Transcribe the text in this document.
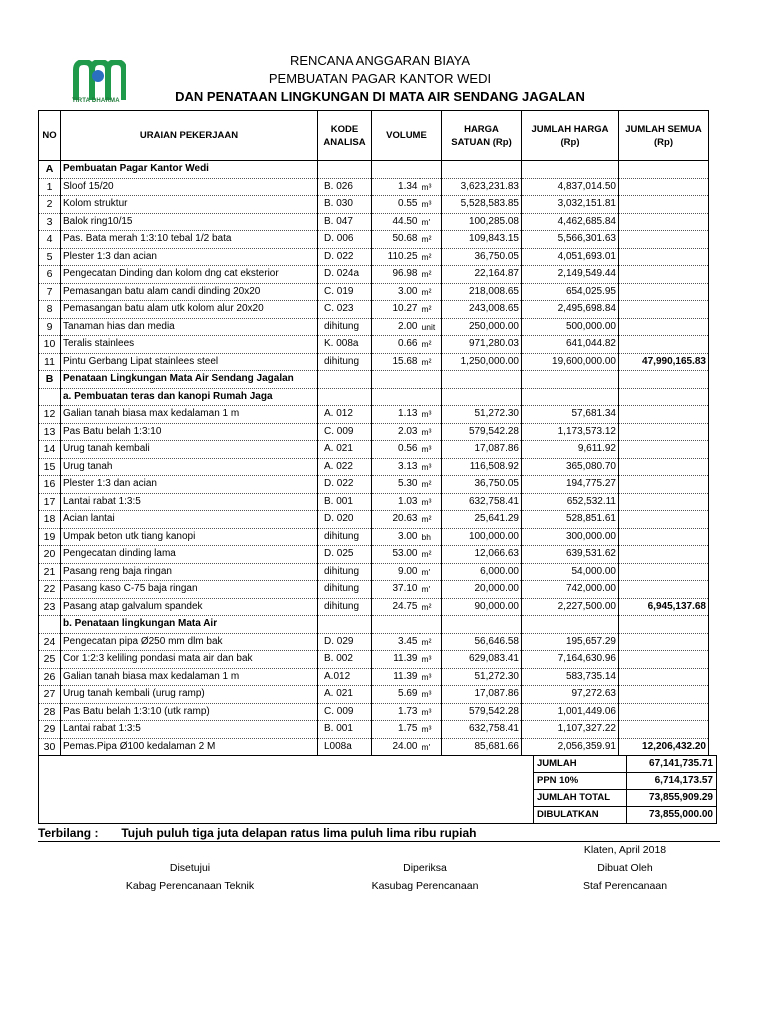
TIRTA DHARMA
RENCANA ANGGARAN BIAYA
PEMBUATAN PAGAR KANTOR WEDI
DAN PENATAAN LINGKUNGAN DI MATA AIR SENDANG JAGALAN
NO	URAIAN PEKERJAAN	KODE ANALISA	VOLUME		HARGA SATUAN (Rp)	JUMLAH HARGA (Rp)	JUMLAH SEMUA (Rp)
A	Pembuatan Pagar Kantor Wedi						
1	Sloof 15/20	B. 026	1.34	m³	3,623,231.83	4,837,014.50	
2	Kolom struktur	B. 030	0.55	m³	5,528,583.85	3,032,151.81	
3	Balok ring10/15	B. 047	44.50	m'	100,285.08	4,462,685.84	
4	Pas. Bata merah 1:3:10 tebal 1/2 bata	D. 006	50.68	m²	109,843.15	5,566,301.63	
5	Plester 1:3 dan acian	D. 022	110.25	m²	36,750.05	4,051,693.01	
6	Pengecatan Dinding dan kolom dng cat eksterior	D. 024a	96.98	m²	22,164.87	2,149,549.44	
7	Pemasangan batu alam candi dinding 20x20	C. 019	3.00	m²	218,008.65	654,025.95	
8	Pemasangan batu alam utk kolom alur 20x20	C. 023	10.27	m²	243,008.65	2,495,698.84	
9	Tanaman hias dan media	dihitung	2.00	unit	250,000.00	500,000.00	
10	Teralis stainlees	K. 008a	0.66	m²	971,280.03	641,044.82	
11	Pintu Gerbang Lipat stainlees steel	dihitung	15.68	m²	1,250,000.00	19,600,000.00	47,990,165.83
B	Penataan Lingkungan Mata Air Sendang Jagalan						
	a. Pembuatan teras dan kanopi Rumah Jaga						
12	Galian tanah biasa max kedalaman 1 m	A. 012	1.13	m³	51,272.30	57,681.34	
13	Pas Batu belah 1:3:10	C. 009	2.03	m³	579,542.28	1,173,573.12	
14	Urug tanah kembali	A. 021	0.56	m³	17,087.86	9,611.92	
15	Urug tanah	A. 022	3.13	m³	116,508.92	365,080.70	
16	Plester 1:3 dan acian	D. 022	5.30	m²	36,750.05	194,775.27	
17	Lantai rabat 1:3:5	B. 001	1.03	m³	632,758.41	652,532.11	
18	Acian lantai	D. 020	20.63	m²	25,641.29	528,851.61	
19	Umpak beton utk tiang kanopi	dihitung	3.00	bh	100,000.00	300,000.00	
20	Pengecatan dinding lama	D. 025	53.00	m²	12,066.63	639,531.62	
21	Pasang reng baja ringan	dihitung	9.00	m'	6,000.00	54,000.00	
22	Pasang kaso C-75 baja ringan	dihitung	37.10	m'	20,000.00	742,000.00	
23	Pasang atap galvalum spandek	dihitung	24.75	m²	90,000.00	2,227,500.00	6,945,137.68
	b. Penataan lingkungan Mata Air						
24	Pengecatan pipa Ø250 mm dlm bak	D. 029	3.45	m²	56,646.58	195,657.29	
25	Cor 1:2:3 keliling pondasi mata air dan bak	B. 002	11.39	m³	629,083.41	7,164,630.96	
26	Galian tanah biasa max kedalaman 1 m	A.012	11.39	m³	51,272.30	583,735.14	
27	Urug tanah kembali (urug ramp)	A. 021	5.69	m³	17,087.86	97,272.63	
28	Pas Batu belah 1:3:10 (utk ramp)	C. 009	1.73	m³	579,542.28	1,001,449.06	
29	Lantai rabat 1:3:5	B. 001	1.75	m³	632,758.41	1,107,327.22	
30	Pemas.Pipa Ø100 kedalaman 2 M	L008a	24.00	m'	85,681.66	2,056,359.91	12,206,432.20
	JUMLAH	67,141,735.71
	PPN 10%	6,714,173.57
	JUMLAH TOTAL	73,855,909.29
	DIBULATKAN	73,855,000.00
Terbilang : Tujuh puluh tiga juta delapan ratus lima puluh lima ribu rupiah
Klaten, April 2018
Disetujui
Kabag Perencanaan Teknik
Diperiksa
Kasubag Perencanaan
Dibuat Oleh
Staf Perencanaan
